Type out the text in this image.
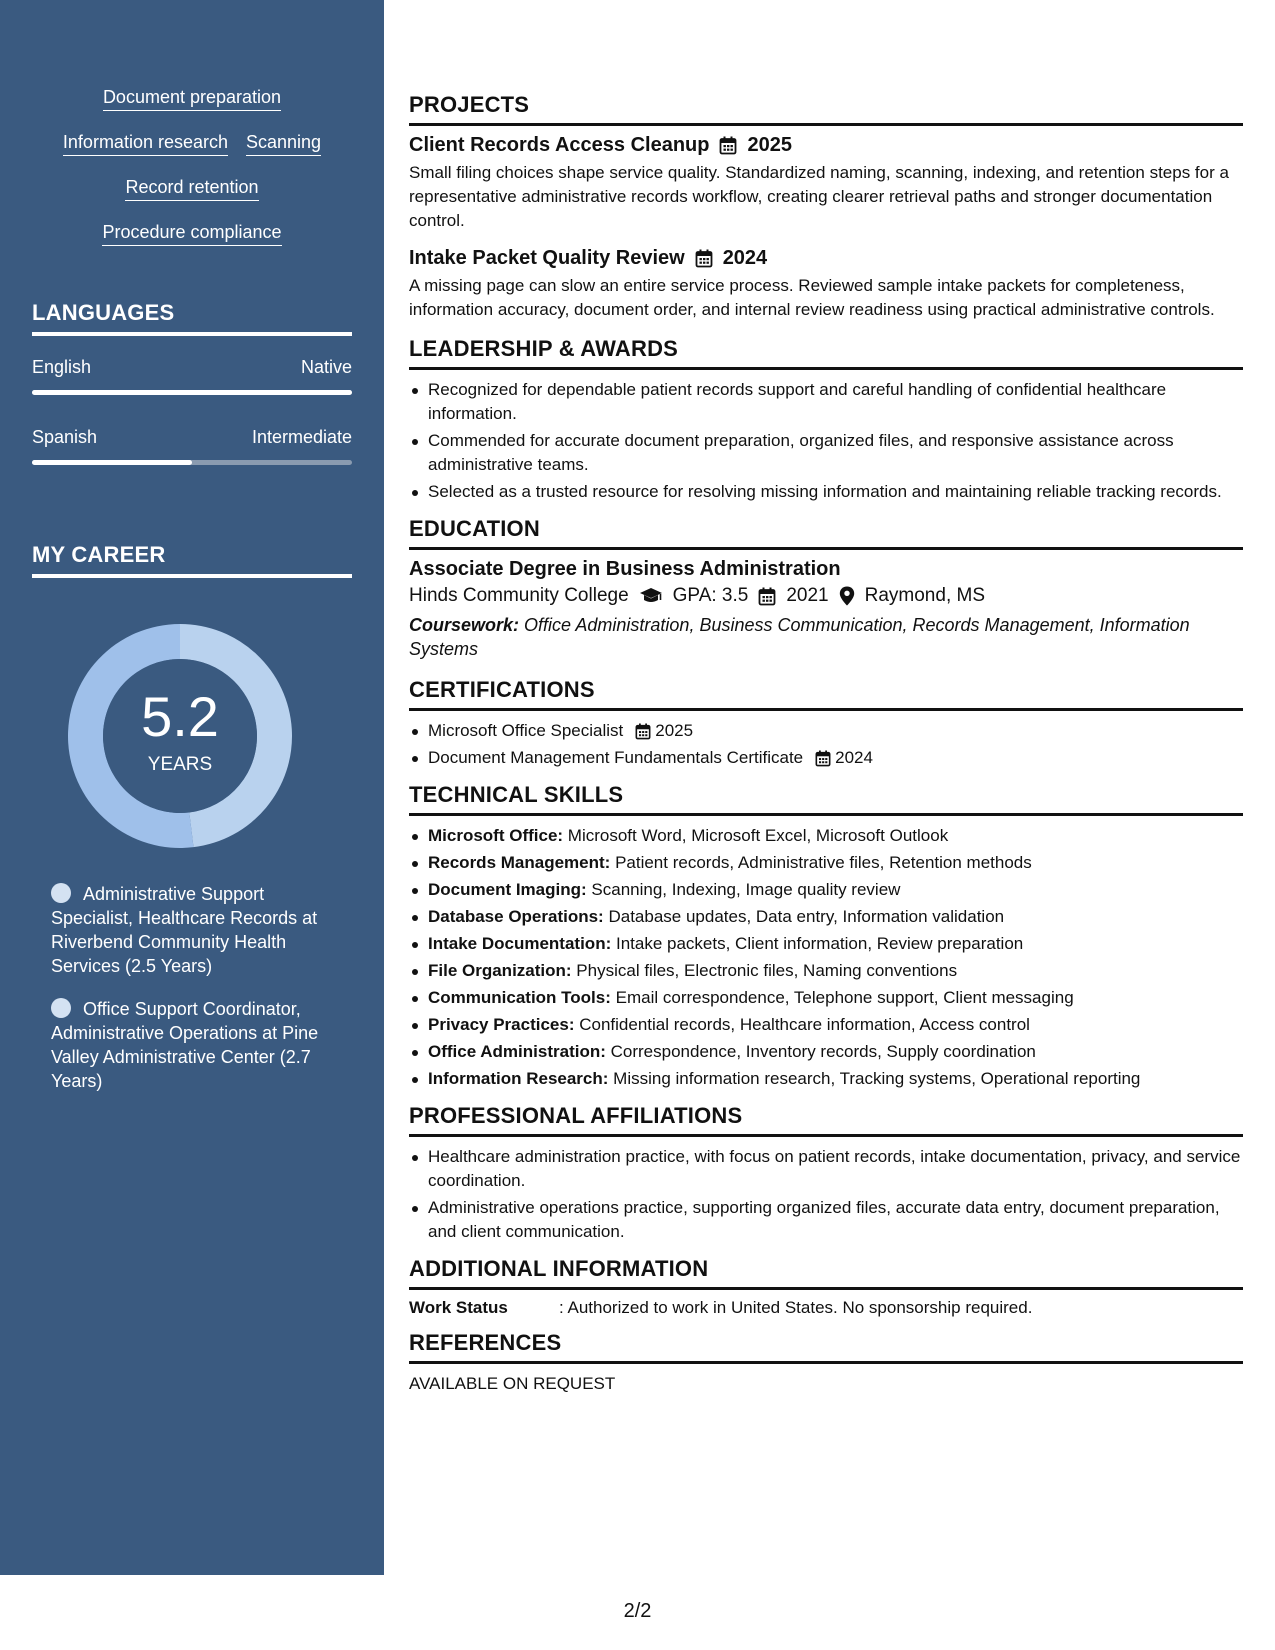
Document preparation
Information research Scanning
Record retention
Procedure compliance
LANGUAGES
English	Native
Spanish	Intermediate
MY CAREER
5.2
YEARS
Administrative Support Specialist, Healthcare Records at Riverbend Community Health Services (2.5 Years)
Office Support Coordinator, Administrative Operations at Pine Valley Administrative Center (2.7 Years)
PROJECTS
Client Records Access Cleanup 2025
Small filing choices shape service quality. Standardized naming, scanning, indexing, and retention steps for a representative administrative records workflow, creating clearer retrieval paths and stronger documentation control.
Intake Packet Quality Review 2024
A missing page can slow an entire service process. Reviewed sample intake packets for completeness, information accuracy, document order, and internal review readiness using practical administrative controls.
LEADERSHIP & AWARDS
Recognized for dependable patient records support and careful handling of confidential healthcare information.
Commended for accurate document preparation, organized files, and responsive assistance across administrative teams.
Selected as a trusted resource for resolving missing information and maintaining reliable tracking records.
EDUCATION
Associate Degree in Business Administration
Hinds Community College GPA: 3.5 2021 Raymond, MS
Coursework: Office Administration, Business Communication, Records Management, Information Systems
CERTIFICATIONS
Microsoft Office Specialist 2025
Document Management Fundamentals Certificate 2024
TECHNICAL SKILLS
Microsoft Office: Microsoft Word, Microsoft Excel, Microsoft Outlook
Records Management: Patient records, Administrative files, Retention methods
Document Imaging: Scanning, Indexing, Image quality review
Database Operations: Database updates, Data entry, Information validation
Intake Documentation: Intake packets, Client information, Review preparation
File Organization: Physical files, Electronic files, Naming conventions
Communication Tools: Email correspondence, Telephone support, Client messaging
Privacy Practices: Confidential records, Healthcare information, Access control
Office Administration: Correspondence, Inventory records, Supply coordination
Information Research: Missing information research, Tracking systems, Operational reporting
PROFESSIONAL AFFILIATIONS
Healthcare administration practice, with focus on patient records, intake documentation, privacy, and service coordination.
Administrative operations practice, supporting organized files, accurate data entry, document preparation, and client communication.
ADDITIONAL INFORMATION
Work Status	: Authorized to work in United States. No sponsorship required.
REFERENCES
AVAILABLE ON REQUEST
2/2
